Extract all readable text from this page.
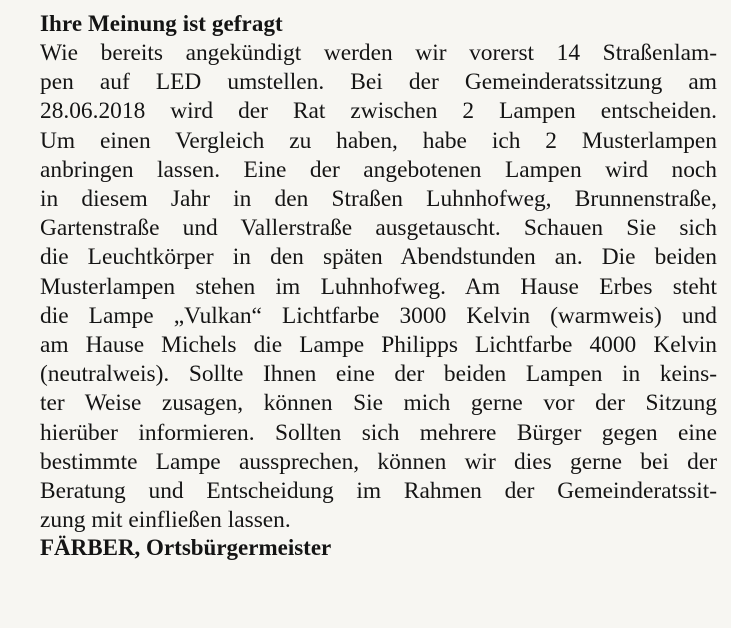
Ihre Meinung ist gefragt
Wie bereits angekündigt werden wir vorerst 14 Straßenlam-
pen auf LED umstellen. Bei der Gemeinderatssitzung am
28.06.2018 wird der Rat zwischen 2 Lampen entscheiden.
Um einen Vergleich zu haben, habe ich 2 Musterlampen
anbringen lassen. Eine der angebotenen Lampen wird noch
in diesem Jahr in den Straßen Luhnhofweg, Brunnenstraße,
Gartenstraße und Vallerstraße ausgetauscht. Schauen Sie sich
die Leuchtkörper in den späten Abendstunden an. Die beiden
Musterlampen stehen im Luhnhofweg. Am Hause Erbes steht
die Lampe „Vulkan“ Lichtfarbe 3000 Kelvin (warmweis) und
am Hause Michels die Lampe Philipps Lichtfarbe 4000 Kelvin
(neutralweis). Sollte Ihnen eine der beiden Lampen in keins-
ter Weise zusagen, können Sie mich gerne vor der Sitzung
hierüber informieren. Sollten sich mehrere Bürger gegen eine
bestimmte Lampe aussprechen, können wir dies gerne bei der
Beratung und Entscheidung im Rahmen der Gemeinderatssit-
zung mit einfließen lassen.
FÄRBER, Ortsbürgermeister
